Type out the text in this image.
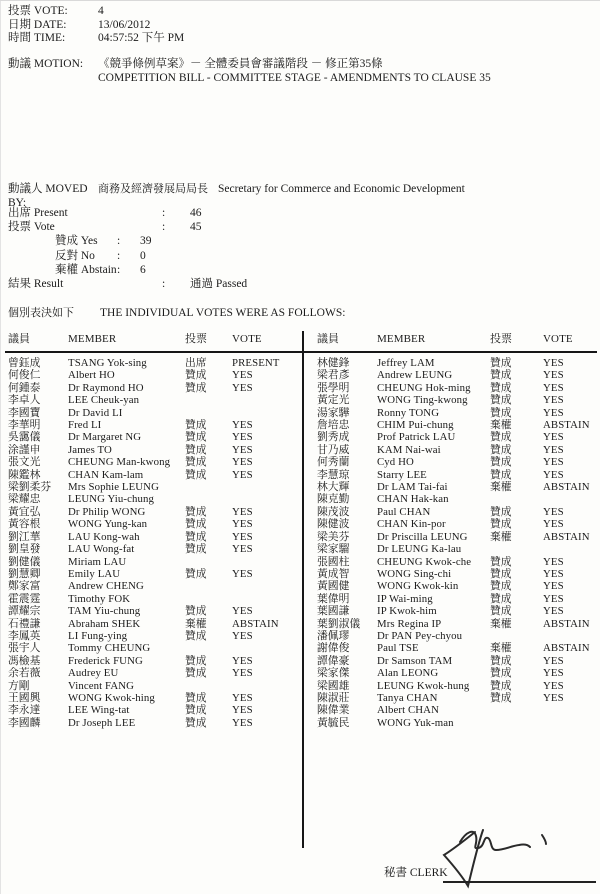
投票 VOTE:	4
日期 DATE:	13/06/2012
時間 TIME:	04:57:52 下午 PM
動議 MOTION:	《競爭條例草案》－ 全體委員會審議階段 － 修正第35條
COMPETITION BILL - COMMITTEE STAGE - AMENDMENTS TO CLAUSE 35
動議人 MOVED BY:
商務及經濟發展局局長 Secretary for Commerce and Economic Development
出席 Present	:	46
投票 Vote	:	45
贊成 Yes	:	39
反對 No	:	0
棄權 Abstain :	6
結果 Result	:	通過 Passed
個別表決如下	THE INDIVIDUAL VOTES WERE AS FOLLOWS:
議員	MEMBER	投票	VOTE
曾鈺成	TSANG Yok-sing	出席	PRESENT
何俊仁	Albert HO	贊成	YES
何鍾泰	Dr Raymond HO	贊成	YES
李卓人	LEE Cheuk-yan
李國寶	Dr David LI
李華明	Fred LI	贊成	YES
吳靄儀	Dr Margaret NG	贊成	YES
涂謹申	James TO	贊成	YES
張文光	CHEUNG Man-kwong	贊成	YES
陳鑑林	CHAN Kam-lam	贊成	YES
梁劉柔芬	Mrs Sophie LEUNG
梁耀忠	LEUNG Yiu-chung
黃宜弘	Dr Philip WONG	贊成	YES
黃容根	WONG Yung-kan	贊成	YES
劉江華	LAU Kong-wah	贊成	YES
劉皇發	LAU Wong-fat	贊成	YES
劉健儀	Miriam LAU
劉慧卿	Emily LAU	贊成	YES
鄭家富	Andrew CHENG
霍震霆	Timothy FOK
譚耀宗	TAM Yiu-chung	贊成	YES
石禮謙	Abraham SHEK	棄權	ABSTAIN
李鳳英	LI Fung-ying	贊成	YES
張宇人	Tommy CHEUNG
馮檢基	Frederick FUNG	贊成	YES
余若薇	Audrey EU	贊成	YES
方剛	Vincent FANG
王國興	WONG Kwok-hing	贊成	YES
李永達	LEE Wing-tat	贊成	YES
李國麟	Dr Joseph LEE	贊成	YES
議員	MEMBER	投票	VOTE
林健鋒	Jeffrey LAM	贊成	YES
梁君彥	Andrew LEUNG	贊成	YES
張學明	CHEUNG Hok-ming	贊成	YES
黃定光	WONG Ting-kwong	贊成	YES
湯家驊	Ronny TONG	贊成	YES
詹培忠	CHIM Pui-chung	棄權	ABSTAIN
劉秀成	Prof Patrick LAU	贊成	YES
甘乃威	KAM Nai-wai	贊成	YES
何秀蘭	Cyd HO	贊成	YES
李慧琼	Starry LEE	贊成	YES
林大輝	Dr LAM Tai-fai	棄權	ABSTAIN
陳克勤	CHAN Hak-kan
陳茂波	Paul CHAN	贊成	YES
陳健波	CHAN Kin-por	贊成	YES
梁美芬	Dr Priscilla LEUNG	棄權	ABSTAIN
梁家騮	Dr LEUNG Ka-lau
張國柱	CHEUNG Kwok-che	贊成	YES
黃成智	WONG Sing-chi	贊成	YES
黃國健	WONG Kwok-kin	贊成	YES
葉偉明	IP Wai-ming	贊成	YES
葉國謙	IP Kwok-him	贊成	YES
葉劉淑儀	Mrs Regina IP	棄權	ABSTAIN
潘佩璆	Dr PAN Pey-chyou
謝偉俊	Paul TSE	棄權	ABSTAIN
譚偉豪	Dr Samson TAM	贊成	YES
梁家傑	Alan LEONG	贊成	YES
梁國雄	LEUNG Kwok-hung	贊成	YES
陳淑莊	Tanya CHAN	贊成	YES
陳偉業	Albert CHAN
黃毓民	WONG Yuk-man
秘書 CLERK
